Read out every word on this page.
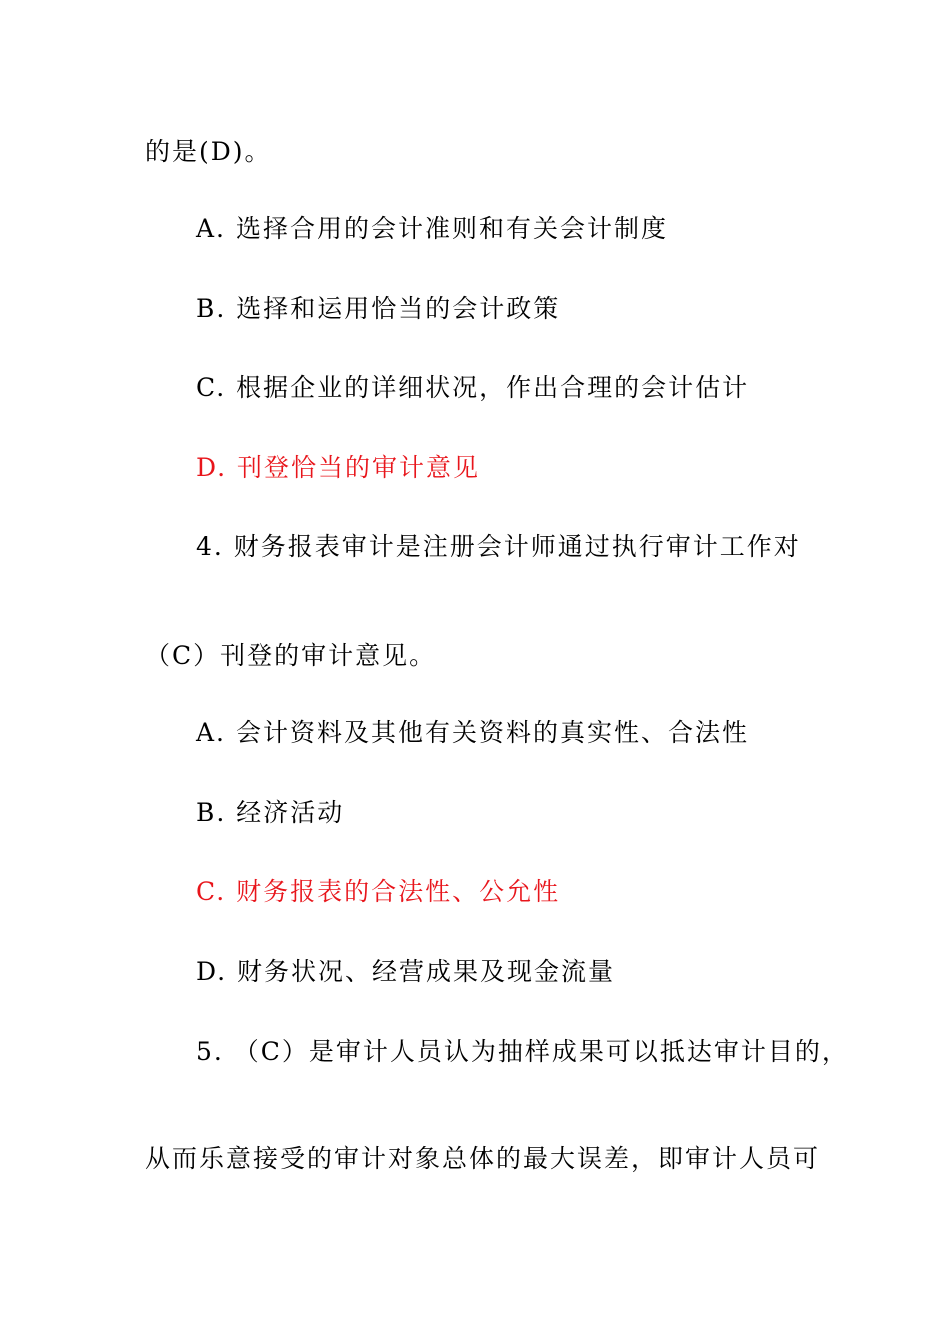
的是(D)。
A. 选择合用的会计准则和有关会计制度
B. 选择和运用恰当的会计政策
C. 根据企业的详细状况，作出合理的会计估计
D. 刊登恰当的审计意见
4. 财务报表审计是注册会计师通过执行审计工作对
（C）刊登的审计意见。
A. 会计资料及其他有关资料的真实性、合法性
B. 经济活动
C. 财务报表的合法性、公允性
D. 财务状况、经营成果及现金流量
5. （C）是审计人员认为抽样成果可以抵达审计目的，
从而乐意接受的审计对象总体的最大误差，即审计人员可
